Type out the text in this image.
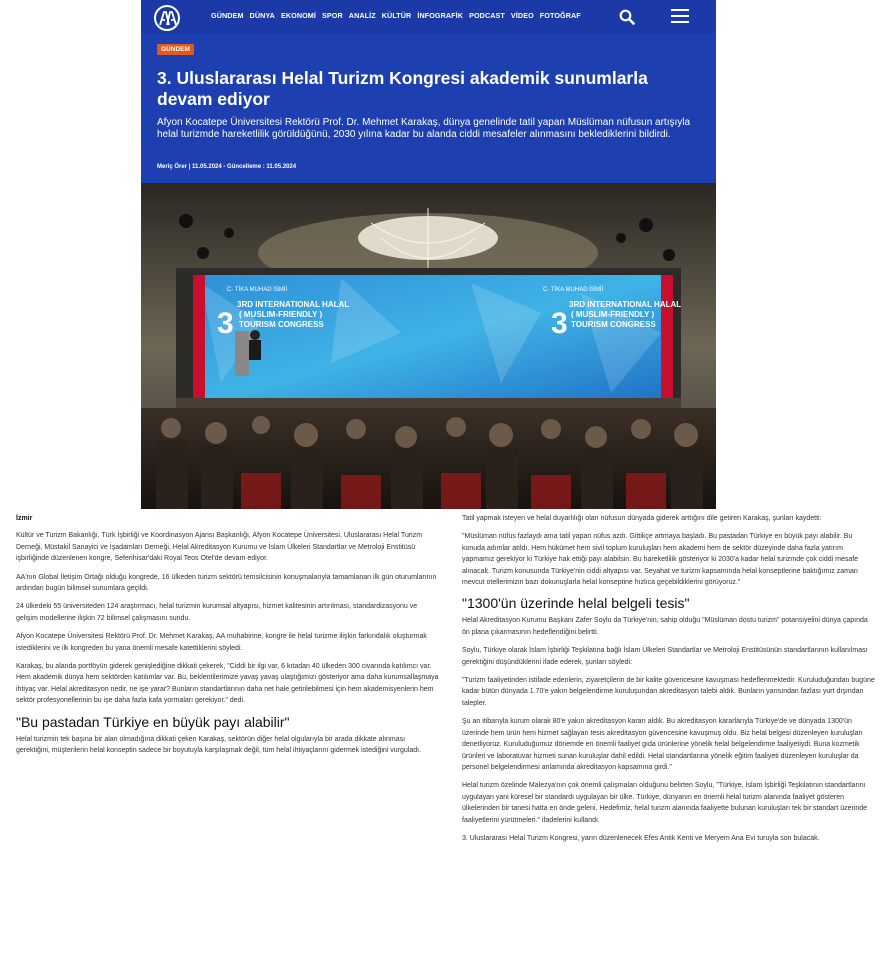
GÜNDEM DÜNYA EKONOMİ SPOR ANALİZ KÜLTÜR İNFOGRAFİK PODCAST VİDEO FOTOĞRAF
GÜNDEM
3. Uluslararası Helal Turizm Kongresi akademik sunumlarla devam ediyor

Afyon Kocatepe Üniversitesi Rektörü Prof. Dr. Mehmet Karakaş, dünya genelinde tatil yapan Müslüman nüfusun artışıyla helal turizmde hareketlilik görüldüğünü, 2030 yılına kadar bu alanda ciddi mesafeler alınmasını beklediklerini bildirdi.

Meriç Örer | 11.05.2024 - Güncelleme : 11.05.2024
C· TİKA MUHAD İSMİİ	C· TİKA MUHAD İSMİİ
3
3RD INTERNATIONAL HALAL
( MUSLIM-FRIENDLY )
TOURISM CONGRESS	3
3RD INTERNATIONAL HALAL
( MUSLIM-FRIENDLY )
TOURISM CONGRESS

İzmir

Kültür ve Turizm Bakanlığı, Türk İşbirliği ve Koordinasyon Ajansı Başkanlığı, Afyon Kocatepe Üniversitesi, Uluslararası Helal Turizm Derneği, Müstakil Sanayici ve İşadamları Derneği, Helal Akreditasyon Kurumu ve İslam Ülkeleri Standartlar ve Metroloji Enstitüsü işbirliğinde düzenlenen kongre, Seferihisar'daki Royal Teos Otel'de devam ediyor.

AA'nın Global İletişim Ortağı olduğu kongrede, 16 ülkeden turizm sektörü temsilcisinin konuşmalarıyla tamamlanan ilk gün oturumlarının ardından bugün bilimsel sunumlara geçildi.

24 ülkedeki 55 üniversiteden 124 araştırmacı, helal turizmin kurumsal altyapısı, hizmet kalitesinin artırılması, standardizasyonu ve gelişim modellerine ilişkin 72 bilimsel çalışmasını sundu.

Afyon Kocatepe Üniversitesi Rektörü Prof. Dr. Mehmet Karakaş, AA muhabirine, kongre ile helal turizme ilişkin farkındalık oluşturmak istediklerini ve ilk kongreden bu yana önemli mesafe katettiklerini söyledi.

Karakaş, bu alanda portföyün giderek genişlediğine dikkati çekerek, "Ciddi bir ilgi var, 6 kıtadan 40 ülkeden 300 civarında katılımcı var. Hem akademik dünya hem sektörden katılımlar var. Bu, beklentilerimize yavaş yavaş ulaştığımızı gösteriyor ama daha kurumsallaşmaya ihtiyaç var. Helal akreditasyon nedir, ne işe yarar? Bunların standartlarının daha net hale getirilebilmesi için hem akademisyenlerin hem sektör profesyonellerinin bu işe daha fazla kafa yormaları gerekiyor." dedi.

"Bu pastadan Türkiye en büyük payı alabilir"

Helal turizmin tek başına bir alan olmadığına dikkati çeken Karakaş, sektörün diğer helal olgularıyla bir arada dikkate alınması gerektiğini, müşterilerin helal konseptin sadece bir boyutuyla karşılaşmak değil, tüm helal ihtiyaçlarını gidermek istediğini vurguladı.

Tatil yapmak isteyen ve helal duyarlılığı olan nüfusun dünyada giderek arttığını dile getiren Karakaş, şunları kaydetti:

"Müslüman nüfus fazlaydı ama tatil yapan nüfus azdı. Gittikçe artmaya başladı. Bu pastadan Türkiye en büyük payı alabilir. Bu konuda adımlar atıldı. Hem hükümet hem sivil toplum kuruluşları hem akademi hem de sektör düzeyinde daha fazla yatırım yapmamız gerekiyor ki Türkiye hak ettiği payı alabilsin. Bu hareketlilik gösteriyor ki 2030'a kadar helal turizmde çok ciddi mesafe alınacak. Turizm konusunda Türkiye'nin ciddi altyapısı var. Seyahat ve turizm kapsamında helal konseptlerine baktığımız zaman mevcut otellerimizin bazı dokunuşlarla helal konseptine hızlıca geçebildiklerini görüyoruz."

"1300'ün üzerinde helal belgeli tesis"

Helal Akreditasyon Kurumu Başkanı Zafer Soylu da Türkiye'nin, sahip olduğu "Müslüman dostu turizm" potansiyelini dünya çapında ön plana çıkarmasının hedeflendiğini belirtti.

Soylu, Türkiye olarak İslam İşbirliği Teşkilatına bağlı İslam Ülkeleri Standartlar ve Metroloji Enstitüsünün standartlarının kullanılması gerektiğini düşündüklerini ifade ederek, şunları söyledi:

"Turizm faaliyetinden istifade edenlerin, ziyaretçilerin de bir kalite güvencesine kavuşması hedeflenmektedir. Kuruluduğundan bugüne kadar bütün dünyada 1.70'e yakın belgelendirme kuruluşundan akreditasyon talebi aldık. Bunların yarısından fazlası yurt dışından talepler.

Şu an itibarıyla kurum olarak 80'e yakın akreditasyon kararı aldık. Bu akreditasyon kararlarıyla Türkiye'de ve dünyada 1300'ün üzerinde hem ürün hem hizmet sağlayan tesis akreditasyon güvencesine kavuşmuş oldu. Biz helal belgesi düzenleyen kuruluşları denetliyoruz. Kuruluduğumuz dönemde en önemli faaliyet gıda ürünlerine yönelik helal belgelendirme faaliyetiydi. Buna kozmetik ürünleri ve laboratuvar hizmeti sunan kuruluşlar dahil edildi. Helal standartlarına yönelik eğitim faaliyeti düzenleyen kuruluşlar da personel belgelendirmesi anlamında akreditasyon kapsamına girdi."

Helal turizm özelinde Malezya'nın çok önemli çalışmaları olduğunu belirten Soylu, "Türkiye, İslam İşbirliği Teşkilatının standartlarını uygulayan yani küresel bir standardı uygulayan bir ülke. Türkiye, dünyanın en önemli helal turizm alanında faaliyet gösteren ülkelerinden bir tanesi hatta en önde geleni. Hedefimiz, helal turizm alanında faaliyette bulunan kuruluşları tek bir standart üzerinde faaliyetlerini yürütmeleri." ifadelerini kullandı.

3. Uluslararası Helal Turizm Kongresi, yarın düzenlenecek Efes Antik Kenti ve Meryem Ana Evi turuyla son bulacak.
